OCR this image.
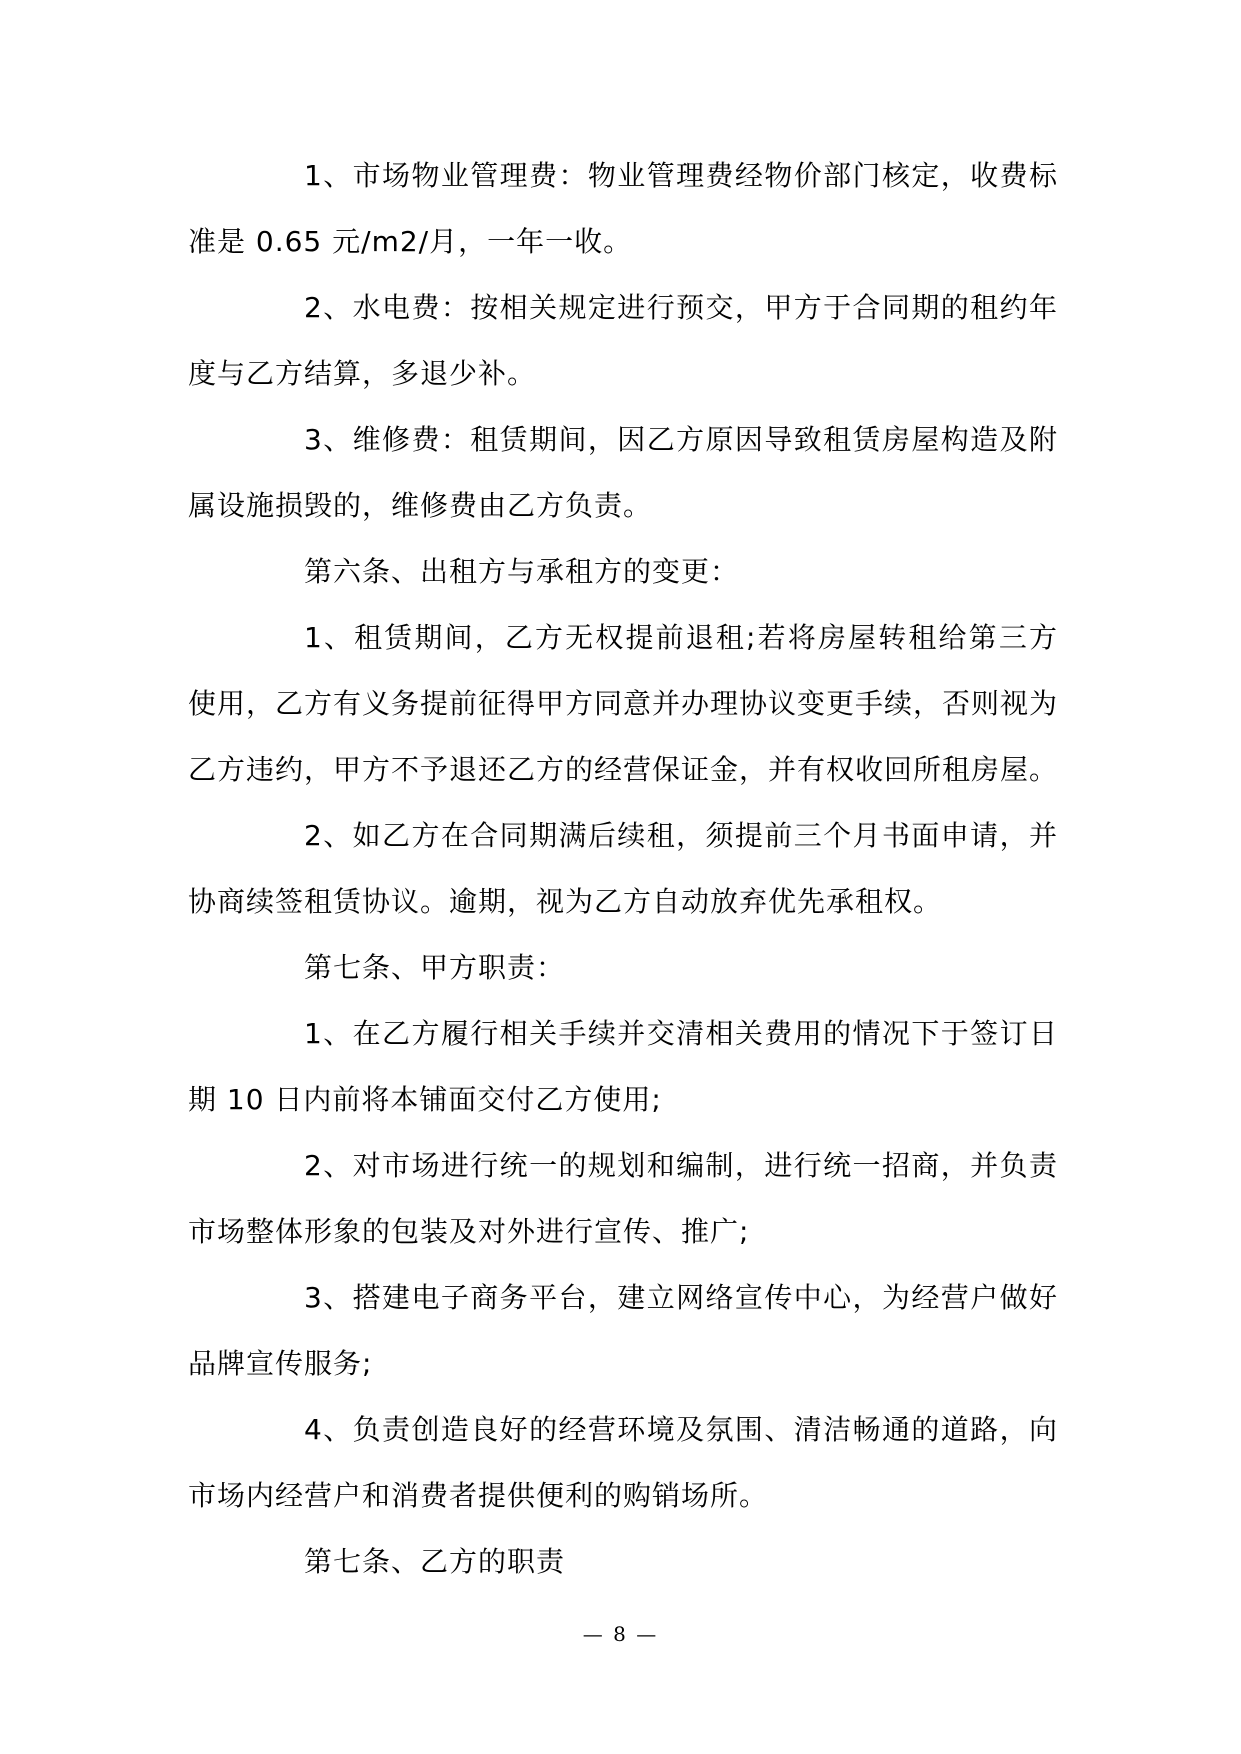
1、市场物业管理费：物业管理费经物价部门核定，收费标准是 0.65 元/m2/月，一年一收。

2、水电费：按相关规定进行预交，甲方于合同期的租约年度与乙方结算，多退少补。

3、维修费：租赁期间，因乙方原因导致租赁房屋构造及附属设施损毁的，维修费由乙方负责。

第六条、出租方与承租方的变更：

1、租赁期间，乙方无权提前退租;若将房屋转租给第三方使用，乙方有义务提前征得甲方同意并办理协议变更手续，否则视为乙方违约，甲方不予退还乙方的经营保证金，并有权收回所租房屋。

2、如乙方在合同期满后续租，须提前三个月书面申请，并协商续签租赁协议。逾期，视为乙方自动放弃优先承租权。

第七条、甲方职责：

1、在乙方履行相关手续并交清相关费用的情况下于签订日期 10 日内前将本铺面交付乙方使用;

2、对市场进行统一的规划和编制，进行统一招商，并负责市场整体形象的包装及对外进行宣传、推广;

3、搭建电子商务平台，建立网络宣传中心，为经营户做好品牌宣传服务;

4、负责创造良好的经营环境及氛围、清洁畅通的道路，向市场内经营户和消费者提供便利的购销场所。

第七条、乙方的职责

— 8 —
